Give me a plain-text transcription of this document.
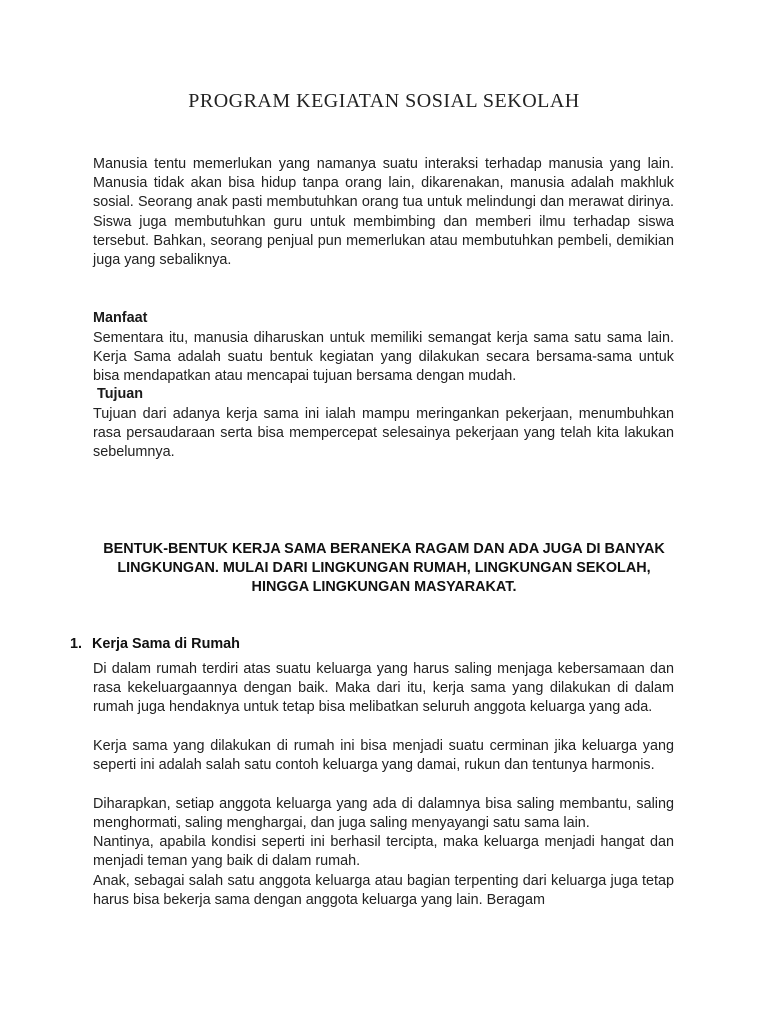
PROGRAM KEGIATAN SOSIAL SEKOLAH
Manusia tentu memerlukan yang namanya suatu interaksi terhadap manusia yang lain. Manusia tidak akan bisa hidup tanpa orang lain, dikarenakan, manusia adalah makhluk sosial. Seorang anak pasti membutuhkan orang tua untuk melindungi dan merawat dirinya. Siswa juga membutuhkan guru untuk membimbing dan memberi ilmu terhadap siswa tersebut. Bahkan, seorang penjual pun memerlukan atau membutuhkan pembeli, demikian juga yang sebaliknya.
Manfaat
Sementara itu, manusia diharuskan untuk memiliki semangat kerja sama satu sama lain. Kerja Sama adalah suatu bentuk kegiatan yang dilakukan secara bersama-sama untuk bisa mendapatkan atau mencapai tujuan bersama dengan mudah.
Tujuan
Tujuan dari adanya kerja sama ini ialah mampu meringankan pekerjaan, menumbuhkan rasa persaudaraan serta bisa mempercepat selesainya pekerjaan yang telah kita lakukan sebelumnya.
BENTUK-BENTUK KERJA SAMA BERANEKA RAGAM DAN ADA JUGA DI BANYAK LINGKUNGAN. MULAI DARI LINGKUNGAN RUMAH, LINGKUNGAN SEKOLAH, HINGGA LINGKUNGAN MASYARAKAT.
1. Kerja Sama di Rumah
Di dalam rumah terdiri atas suatu keluarga yang harus saling menjaga kebersamaan dan rasa kekeluargaannya dengan baik. Maka dari itu, kerja sama yang dilakukan di dalam rumah juga hendaknya untuk tetap bisa melibatkan seluruh anggota keluarga yang ada.
Kerja sama yang dilakukan di rumah ini bisa menjadi suatu cerminan jika keluarga yang seperti ini adalah salah satu contoh keluarga yang damai, rukun dan tentunya harmonis.
Diharapkan, setiap anggota keluarga yang ada di dalamnya bisa saling membantu, saling menghormati, saling menghargai, dan juga saling menyayangi satu sama lain.
Nantinya, apabila kondisi seperti ini berhasil tercipta, maka keluarga menjadi hangat dan menjadi teman yang baik di dalam rumah.
Anak, sebagai salah satu anggota keluarga atau bagian terpenting dari keluarga juga tetap harus bisa bekerja sama dengan anggota keluarga yang lain. Beragam
